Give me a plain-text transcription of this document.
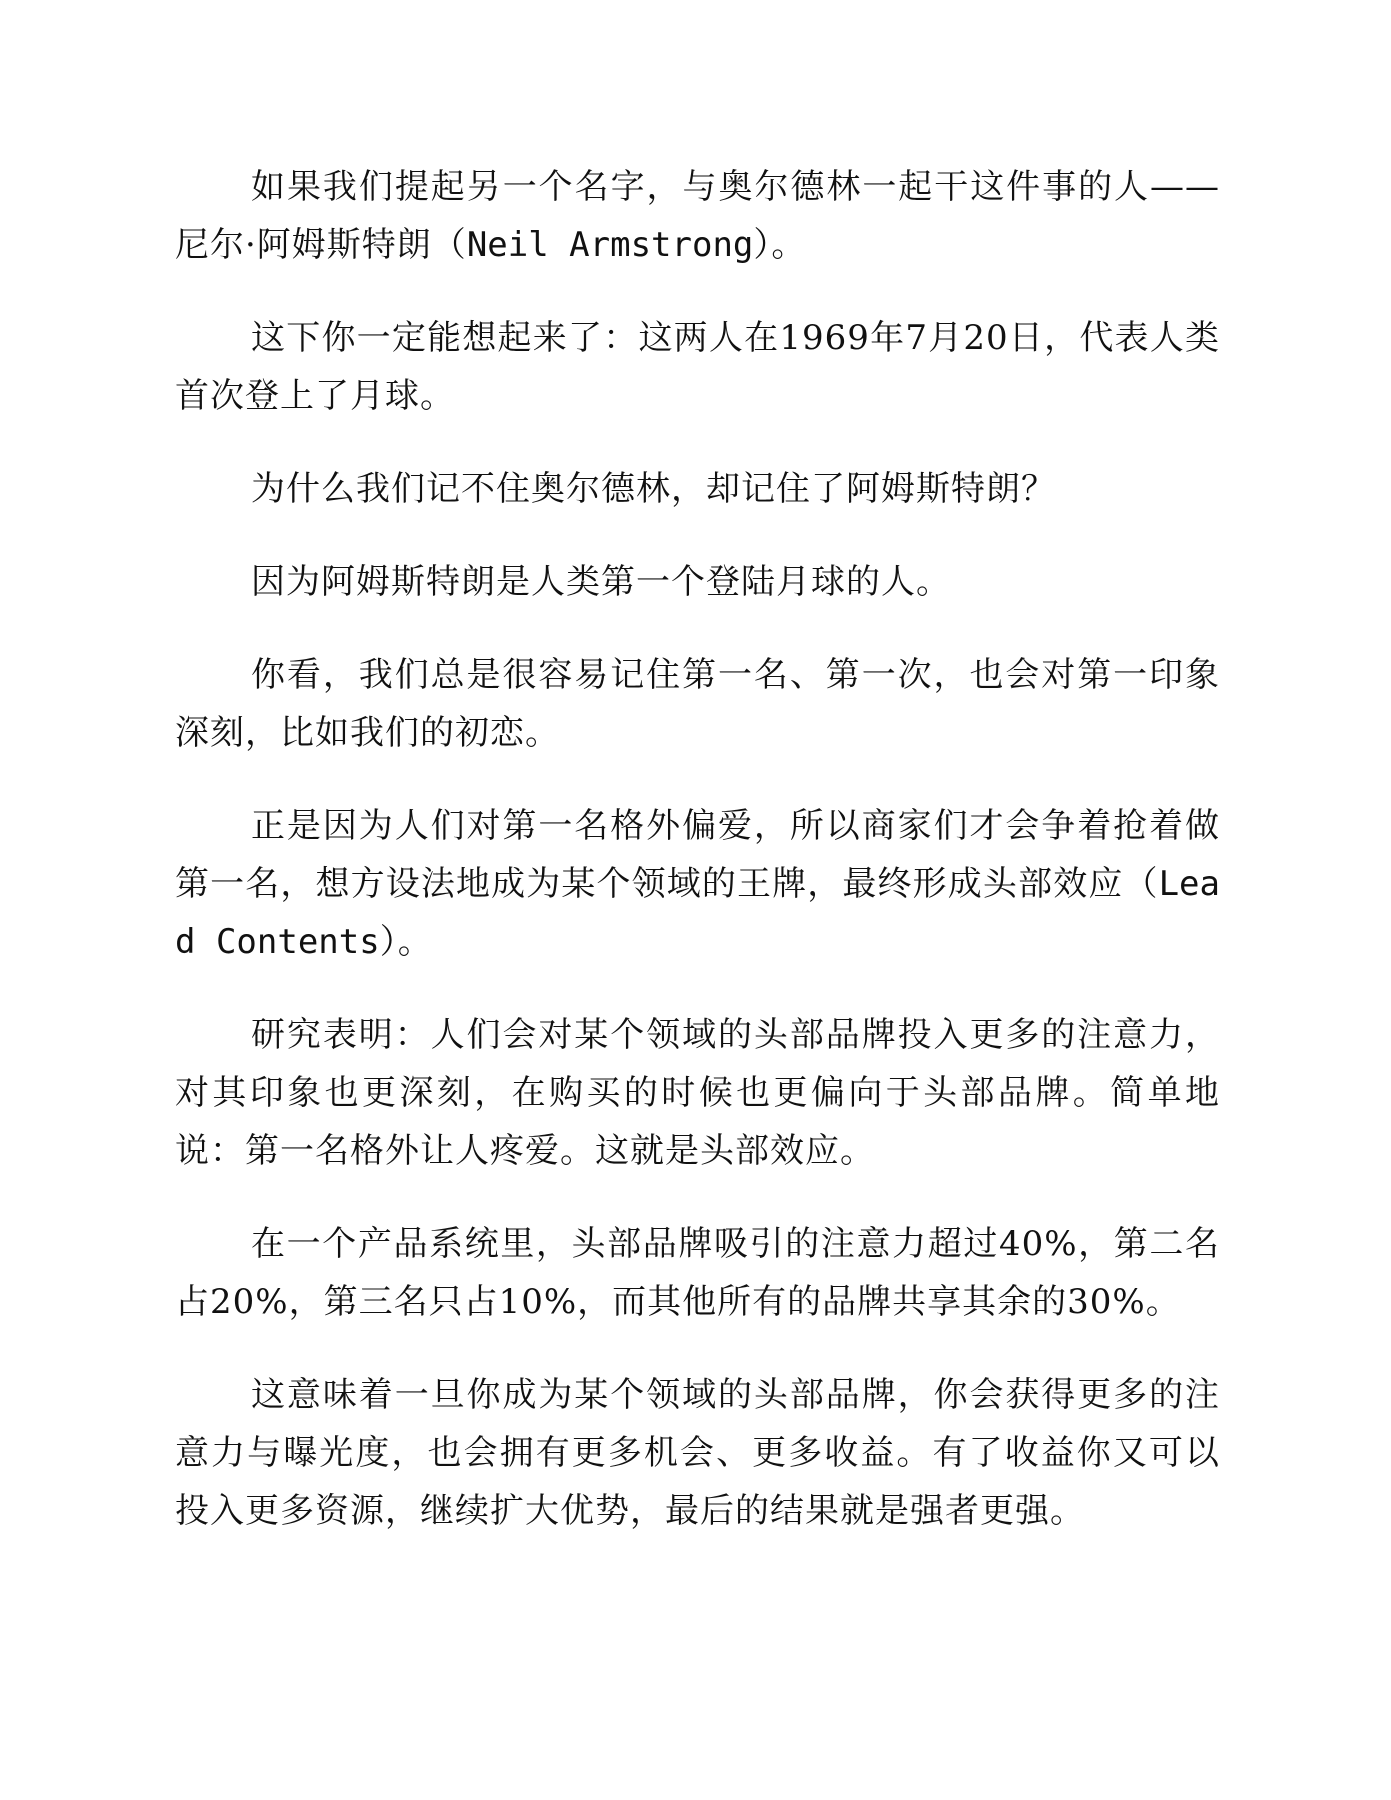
如果我们提起另一个名字，与奥尔德林一起干这件事的人——尼尔·阿姆斯特朗（Neil Armstrong）。

这下你一定能想起来了：这两人在1969年7月20日，代表人类首次登上了月球。

为什么我们记不住奥尔德林，却记住了阿姆斯特朗？

因为阿姆斯特朗是人类第一个登陆月球的人。

你看，我们总是很容易记住第一名、第一次，也会对第一印象深刻，比如我们的初恋。

正是因为人们对第一名格外偏爱，所以商家们才会争着抢着做第一名，想方设法地成为某个领域的王牌，最终形成头部效应（Lead Contents）。

研究表明：人们会对某个领域的头部品牌投入更多的注意力，对其印象也更深刻，在购买的时候也更偏向于头部品牌。简单地说：第一名格外让人疼爱。这就是头部效应。

在一个产品系统里，头部品牌吸引的注意力超过40%，第二名占20%，第三名只占10%，而其他所有的品牌共享其余的30%。

这意味着一旦你成为某个领域的头部品牌，你会获得更多的注意力与曝光度，也会拥有更多机会、更多收益。有了收益你又可以投入更多资源，继续扩大优势，最后的结果就是强者更强。
